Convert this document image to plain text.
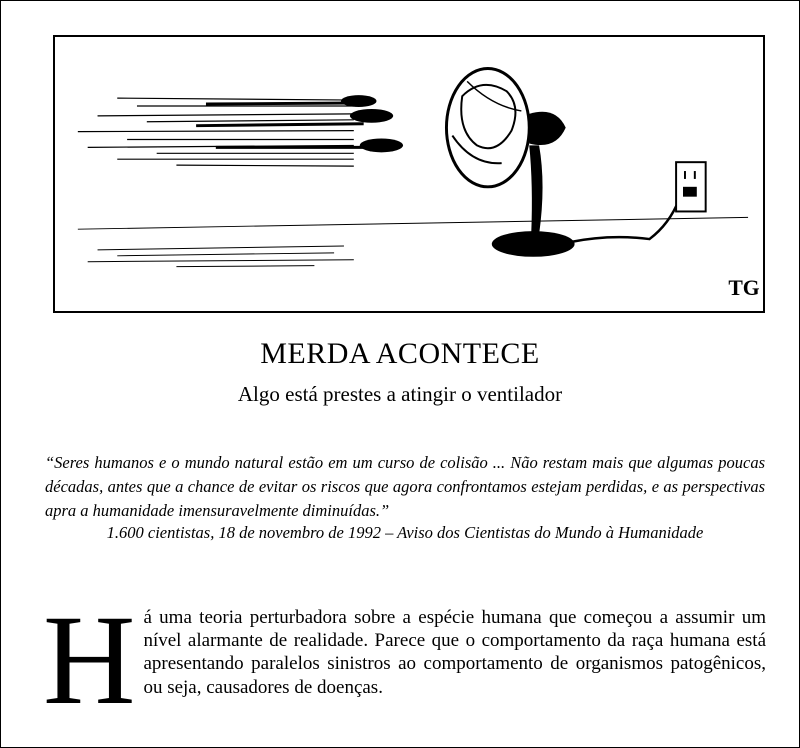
TG
MERDA ACONTECE
Algo está prestes a atingir o ventilador
“Seres humanos e o mundo natural estão em um curso de colisão ... Não restam mais que algumas poucas décadas, antes que a chance de evitar os riscos que agora confrontamos estejam perdidas, e as perspectivas apra a humanidade imensuravelmente diminuídas.”
1.600 cientistas, 18 de novembro de 1992 – Aviso dos Cientistas do Mundo à Humanidade
Há uma teoria perturbadora sobre a espécie humana que começou a assumir um nível alarmante de realidade. Parece que o comportamento da raça humana está apresentando paralelos sinistros ao comportamento de organismos patogênicos, ou seja, causadores de doenças.
